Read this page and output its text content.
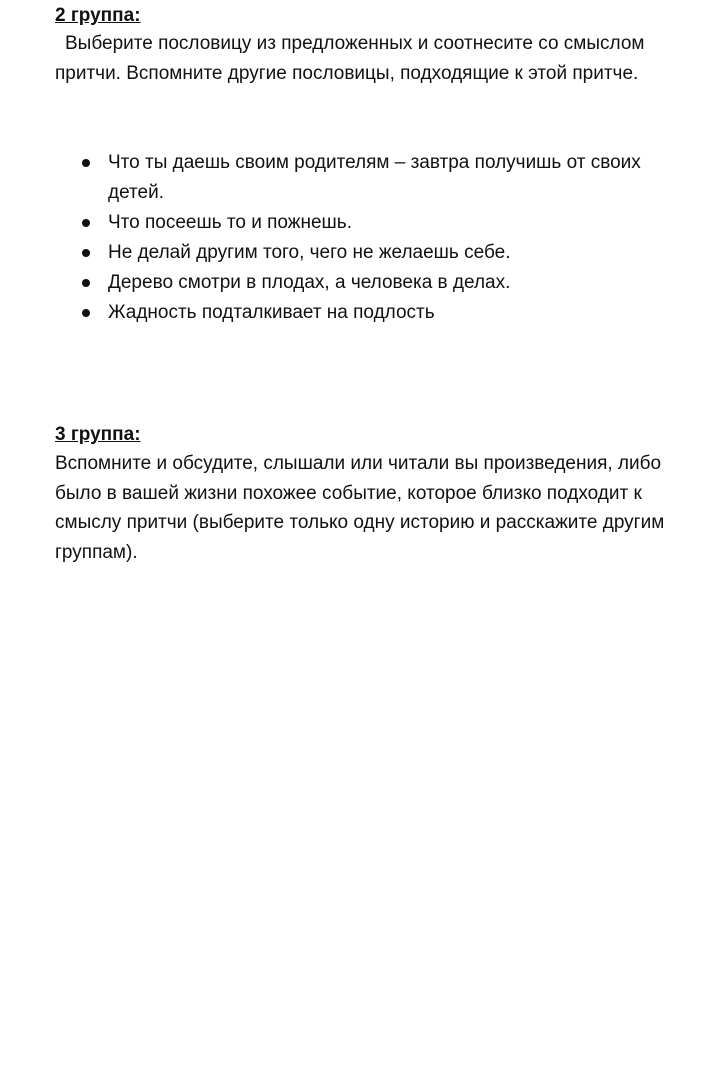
2 группа:

Выберите пословицу из предложенных и соотнесите со смыслом притчи. Вспомните другие пословицы, подходящие к этой притче.

Что ты даешь своим родителям – завтра получишь от своих детей.
Что посеешь то и пожнешь.
Не делай другим того, чего не желаешь себе.
Дерево смотри в плодах, а человека в делах.
Жадность подталкивает на подлость
3 группа:

Вспомните и обсудите, слышали или читали вы произведения, либо было в вашей жизни похожее событие, которое близко подходит к смыслу притчи (выберите только одну историю и расскажите другим группам).
